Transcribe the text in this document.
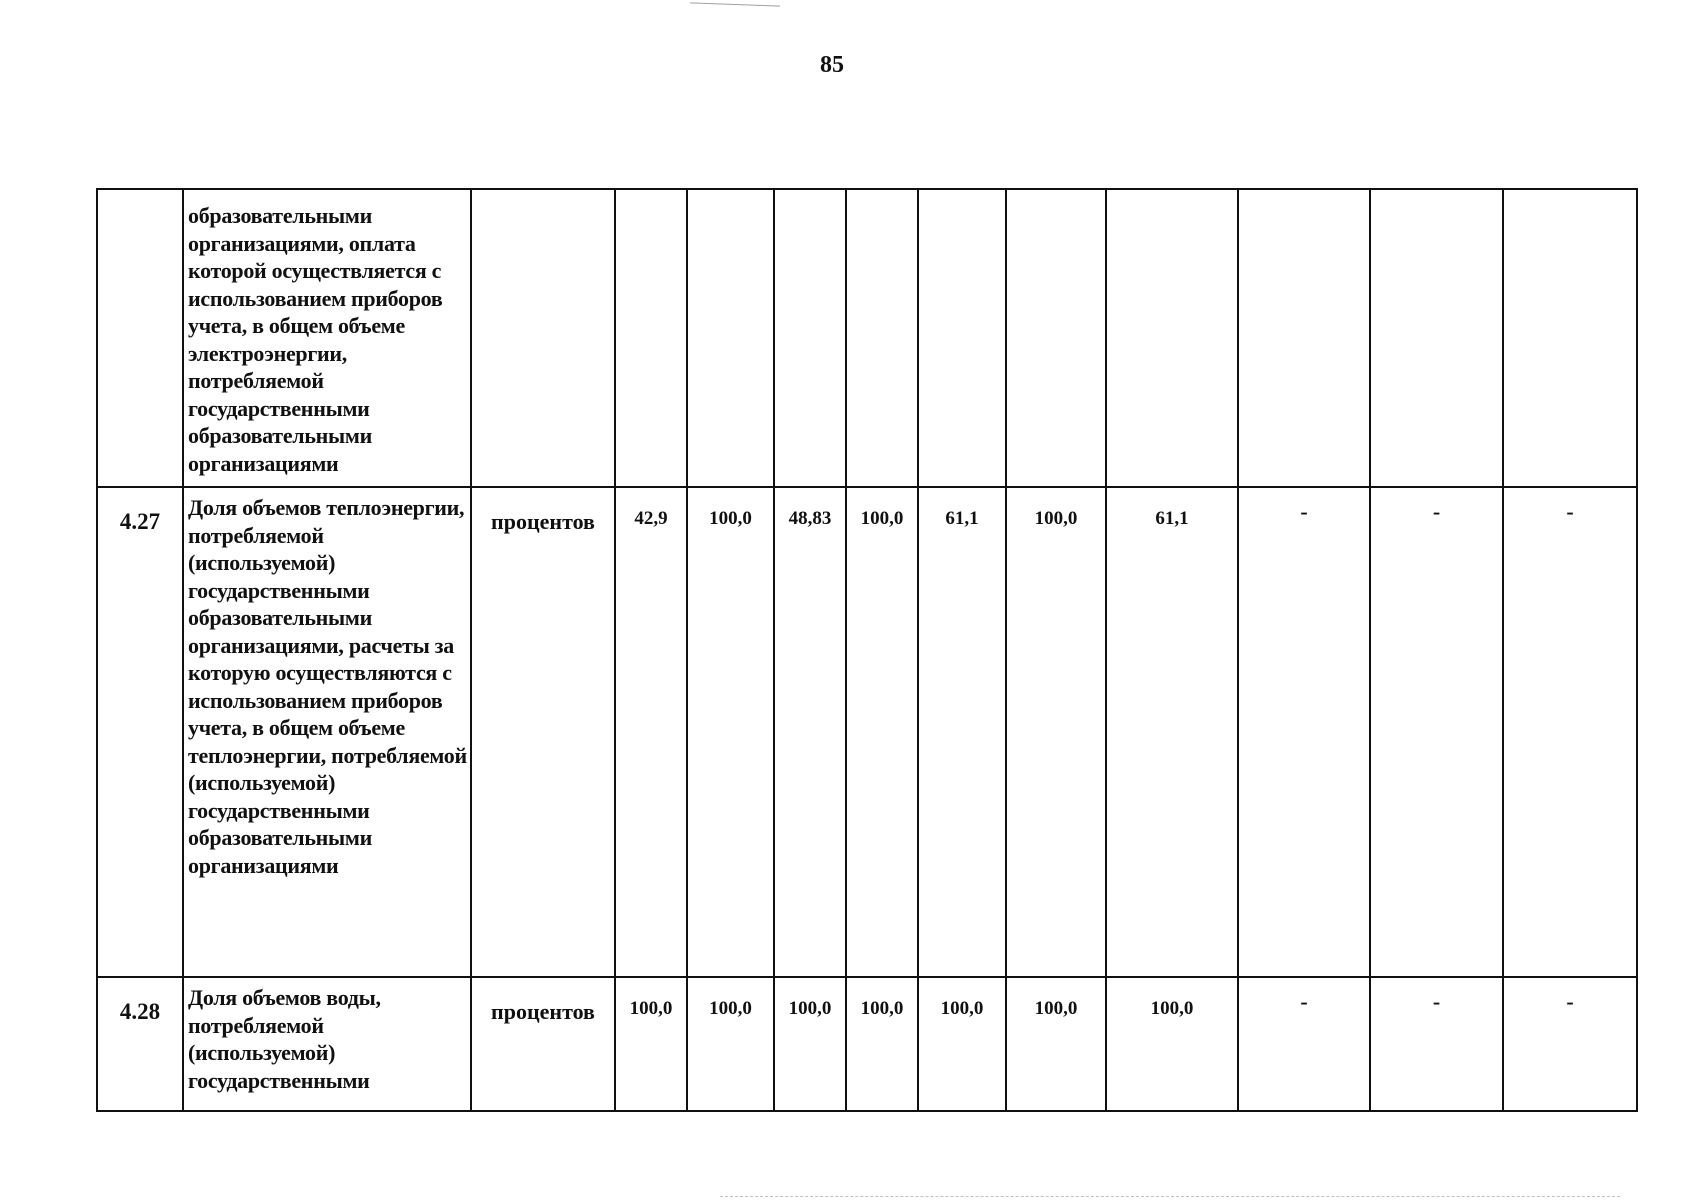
85
	образовательными организациями, оплата которой осуществляется с использованием приборов учета, в общем объеме электроэнергии, потребляемой государственными образовательными организациями											
4.27	Доля объемов теплоэнергии, потребляемой (используемой) государственными образовательными организациями, расчеты за которую осуществляются с использованием приборов учета, в общем объеме теплоэнергии, потребляемой (используемой) государственными образовательными организациями	процентов	42,9	100,0	48,83	100,0	61,1	100,0	61,1	-	-	-
4.28	Доля объемов воды, потребляемой (используемой) государственными	процентов	100,0	100,0	100,0	100,0	100,0	100,0	100,0	-	-	-
